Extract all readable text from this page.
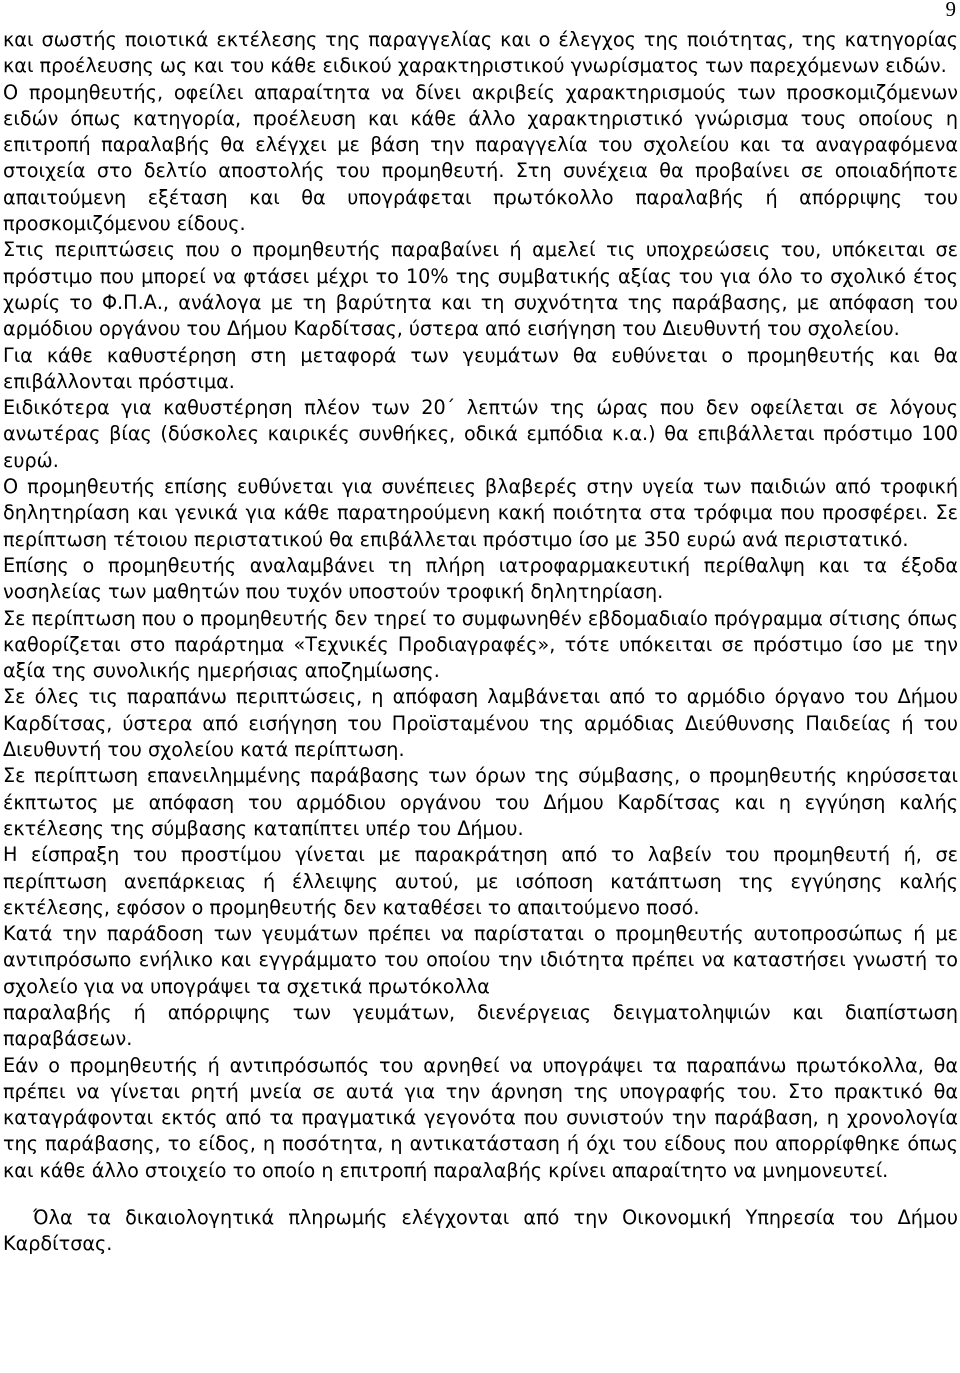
9

και σωστής ποιοτικά εκτέλεσης της παραγγελίας και ο έλεγχος της ποιότητας, της κατηγορίας και προέλευσης ως και του κάθε ειδικού χαρακτηριστικού γνωρίσματος των παρεχόμενων ειδών.

Ο προμηθευτής, οφείλει απαραίτητα να δίνει ακριβείς χαρακτηρισμούς των προσκομιζόμενων ειδών όπως κατηγορία, προέλευση και κάθε άλλο χαρακτηριστικό γνώρισμα τους οποίους η επιτροπή παραλαβής θα ελέγχει με βάση την παραγγελία του σχολείου και τα αναγραφόμενα στοιχεία στο δελτίο αποστολής του προμηθευτή. Στη συνέχεια θα προβαίνει σε οποιαδήποτε απαιτούμενη εξέταση και θα υπογράφεται πρωτόκολλο παραλαβής ή απόρριψης του προσκομιζόμενου είδους.

Στις περιπτώσεις που ο προμηθευτής παραβαίνει ή αμελεί τις υποχρεώσεις του, υπόκειται σε πρόστιμο που μπορεί να φτάσει μέχρι το 10% της συμβατικής αξίας του για όλο το σχολικό έτος χωρίς το Φ.Π.Α., ανάλογα με τη βαρύτητα και τη συχνότητα της παράβασης, με απόφαση του αρμόδιου οργάνου του Δήμου Καρδίτσας, ύστερα από εισήγηση του Διευθυντή του σχολείου.

Για κάθε καθυστέρηση στη μεταφορά των γευμάτων θα ευθύνεται ο προμηθευτής και θα επιβάλλονται πρόστιμα.

Ειδικότερα για καθυστέρηση πλέον των 20΄ λεπτών της ώρας που δεν οφείλεται σε λόγους ανωτέρας βίας (δύσκολες καιρικές συνθήκες, οδικά εμπόδια κ.α.) θα επιβάλλεται πρόστιμο 100 ευρώ.

Ο προμηθευτής επίσης ευθύνεται για συνέπειες βλαβερές στην υγεία των παιδιών από τροφική δηλητηρίαση και γενικά για κάθε παρατηρούμενη κακή ποιότητα στα τρόφιμα που προσφέρει. Σε περίπτωση τέτοιου περιστατικού θα επιβάλλεται πρόστιμο ίσο με 350 ευρώ ανά περιστατικό.

Επίσης ο προμηθευτής αναλαμβάνει τη πλήρη ιατροφαρμακευτική περίθαλψη και τα έξοδα νοσηλείας των μαθητών που τυχόν υποστούν τροφική δηλητηρίαση.

Σε περίπτωση που ο προμηθευτής δεν τηρεί το συμφωνηθέν εβδομαδιαίο πρόγραμμα σίτισης όπως καθορίζεται στο παράρτημα «Τεχνικές Προδιαγραφές», τότε υπόκειται σε πρόστιμο ίσο με την αξία της συνολικής ημερήσιας αποζημίωσης.

Σε όλες τις παραπάνω περιπτώσεις, η απόφαση λαμβάνεται από το αρμόδιο όργανο του Δήμου Καρδίτσας, ύστερα από εισήγηση του Προϊσταμένου της αρμόδιας Διεύθυνσης Παιδείας ή του Διευθυντή του σχολείου κατά περίπτωση.

Σε περίπτωση επανειλημμένης παράβασης των όρων της σύμβασης, ο προμηθευτής κηρύσσεται έκπτωτος με απόφαση του αρμόδιου οργάνου του Δήμου Καρδίτσας και η εγγύηση καλής εκτέλεσης της σύμβασης καταπίπτει υπέρ του Δήμου.

Η είσπραξη του προστίμου γίνεται με παρακράτηση από το λαβείν του προμηθευτή ή, σε περίπτωση ανεπάρκειας ή έλλειψης αυτού, με ισόποση κατάπτωση της εγγύησης καλής εκτέλεσης, εφόσον ο προμηθευτής δεν καταθέσει το απαιτούμενο ποσό.

Κατά την παράδοση των γευμάτων πρέπει να παρίσταται ο προμηθευτής αυτοπροσώπως ή με αντιπρόσωπο ενήλικο και εγγράμματο του οποίου την ιδιότητα πρέπει να καταστήσει γνωστή το σχολείο για να υπογράψει τα σχετικά πρωτόκολλα

παραλαβής ή απόρριψης των γευμάτων, διενέργειας δειγματοληψιών και διαπίστωση παραβάσεων.

Εάν ο προμηθευτής ή αντιπρόσωπός του αρνηθεί να υπογράψει τα παραπάνω πρωτόκολλα, θα πρέπει να γίνεται ρητή μνεία σε αυτά για την άρνηση της υπογραφής του. Στο πρακτικό θα καταγράφονται εκτός από τα πραγματικά γεγονότα που συνιστούν την παράβαση, η χρονολογία της παράβασης, το είδος, η ποσότητα, η αντικατάσταση ή όχι του είδους που απορρίφθηκε όπως και κάθε άλλο στοιχείο το οποίο η επιτροπή παραλαβής κρίνει απαραίτητο να μνημονευτεί.

Όλα τα δικαιολογητικά πληρωμής ελέγχονται από την Οικονομική Υπηρεσία του Δήμου Καρδίτσας.
